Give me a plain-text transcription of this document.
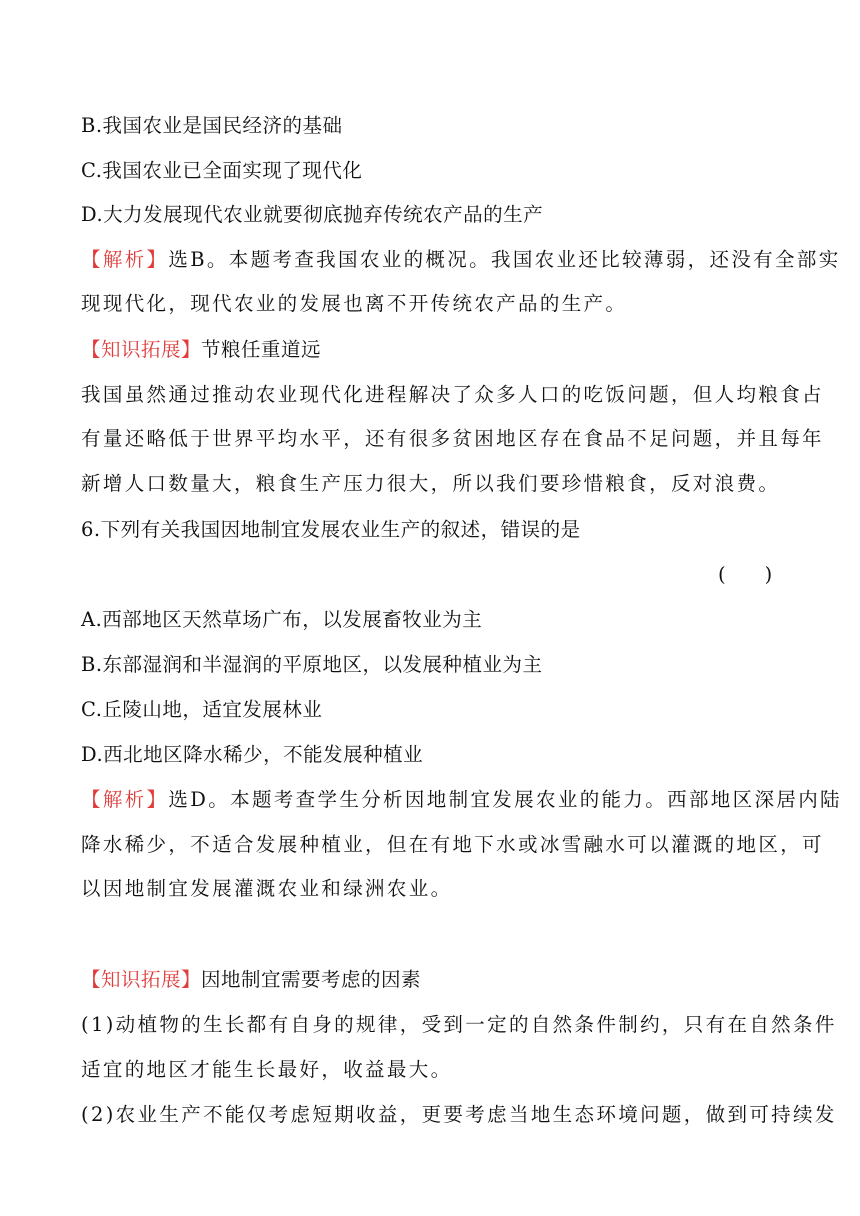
B.我国农业是国民经济的基础
C.我国农业已全面实现了现代化
D.大力发展现代农业就要彻底抛弃传统农产品的生产
【解析】选B。本题考查我国农业的概况。我国农业还比较薄弱，还没有全部实
现现代化，现代农业的发展也离不开传统农产品的生产。
【知识拓展】节粮任重道远
我国虽然通过推动农业现代化进程解决了众多人口的吃饭问题，但人均粮食占
有量还略低于世界平均水平，还有很多贫困地区存在食品不足问题，并且每年
新增人口数量大，粮食生产压力很大，所以我们要珍惜粮食，反对浪费。
6.下列有关我国因地制宜发展农业生产的叙述，错误的是
(　　)
A.西部地区天然草场广布，以发展畜牧业为主
B.东部湿润和半湿润的平原地区，以发展种植业为主
C.丘陵山地，适宜发展林业
D.西北地区降水稀少，不能发展种植业
【解析】选D。本题考查学生分析因地制宜发展农业的能力。西部地区深居内陆
降水稀少，不适合发展种植业，但在有地下水或冰雪融水可以灌溉的地区，可
以因地制宜发展灌溉农业和绿洲农业。
【知识拓展】因地制宜需要考虑的因素
(1)动植物的生长都有自身的规律，受到一定的自然条件制约，只有在自然条件
适宜的地区才能生长最好，收益最大。
(2)农业生产不能仅考虑短期收益，更要考虑当地生态环境问题，做到可持续发
